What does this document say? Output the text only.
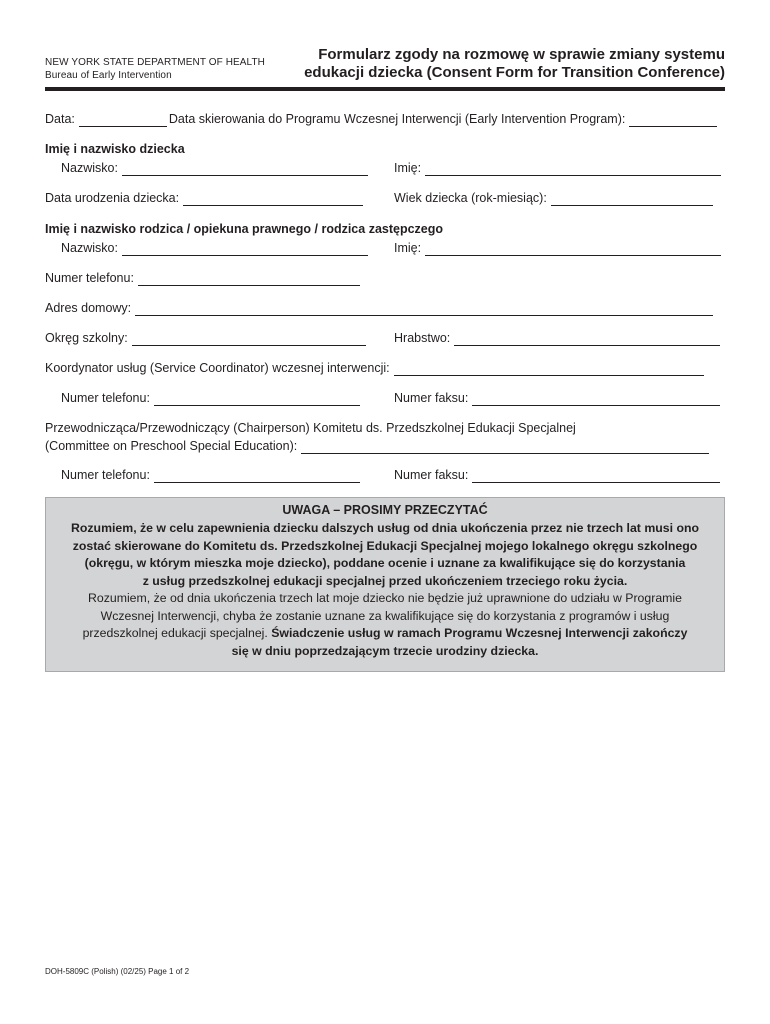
NEW YORK STATE DEPARTMENT OF HEALTH
Bureau of Early Intervention
Formularz zgody na rozmowę w sprawie zmiany systemu
edukacji dziecka (Consent Form for Transition Conference)
Data:	Data skierowania do Programu Wczesnej Interwencji (Early Intervention Program):
Imię i nazwisko dziecka
Nazwisko:	Imię:
Data urodzenia dziecka:	Wiek dziecka (rok-miesiąc):
Imię i nazwisko rodzica / opiekuna prawnego / rodzica zastępczego
Nazwisko:	Imię:
Numer telefonu:
Adres domowy:
Okręg szkolny:	Hrabstwo:
Koordynator usług (Service Coordinator) wczesnej interwencji:
Numer telefonu:	Numer faksu:
Przewodnicząca/Przewodniczący (Chairperson) Komitetu ds. Przedszkolnej Edukacji Specjalnej
(Committee on Preschool Special Education):
Numer telefonu:	Numer faksu:
UWAGA – PROSIMY PRZECZYTAĆ
Rozumiem, że w celu zapewnienia dziecku dalszych usług od dnia ukończenia przez nie trzech lat musi ono
zostać skierowane do Komitetu ds. Przedszkolnej Edukacji Specjalnej mojego lokalnego okręgu szkolnego
(okręgu, w którym mieszka moje dziecko), poddane ocenie i uznane za kwalifikujące się do korzystania
z usług przedszkolnej edukacji specjalnej przed ukończeniem trzeciego roku życia.
Rozumiem, że od dnia ukończenia trzech lat moje dziecko nie będzie już uprawnione do udziału w Programie
Wczesnej Interwencji, chyba że zostanie uznane za kwalifikujące się do korzystania z programów i usług
przedszkolnej edukacji specjalnej. Świadczenie usług w ramach Programu Wczesnej Interwencji zakończy
się w dniu poprzedzającym trzecie urodziny dziecka.
DOH-5809C (Polish) (02/25) Page 1 of 2
